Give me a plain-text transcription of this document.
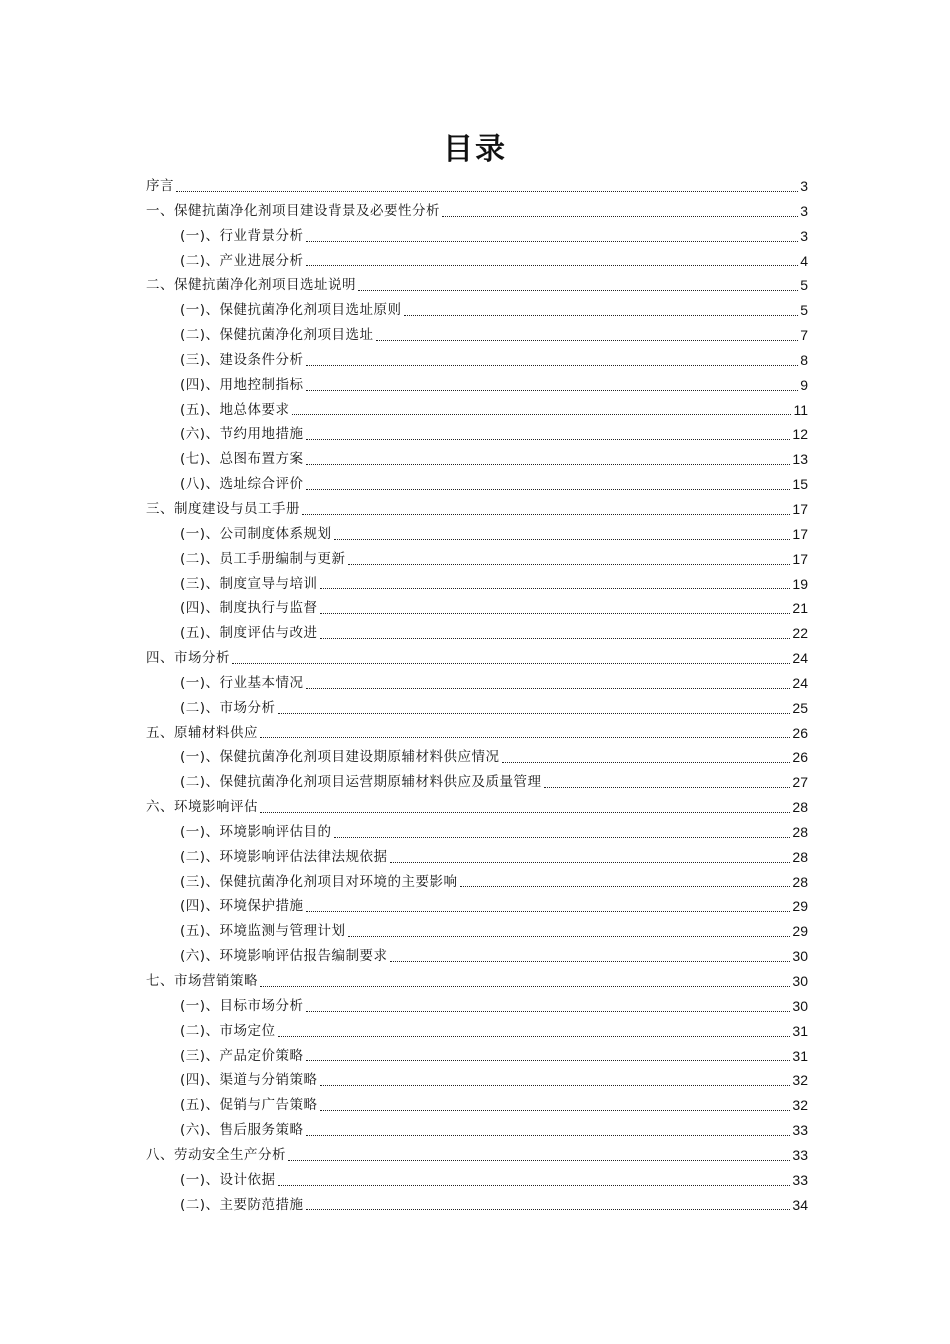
目录
序言	3
一、保健抗菌净化剂项目建设背景及必要性分析	3
(一)、行业背景分析	3
(二)、产业进展分析	4
二、保健抗菌净化剂项目选址说明	5
(一)、保健抗菌净化剂项目选址原则	5
(二)、保健抗菌净化剂项目选址	7
(三)、建设条件分析	8
(四)、用地控制指标	9
(五)、地总体要求	11
(六)、节约用地措施	12
(七)、总图布置方案	13
(八)、选址综合评价	15
三、制度建设与员工手册	17
(一)、公司制度体系规划	17
(二)、员工手册编制与更新	17
(三)、制度宣导与培训	19
(四)、制度执行与监督	21
(五)、制度评估与改进	22
四、市场分析	24
(一)、行业基本情况	24
(二)、市场分析	25
五、原辅材料供应	26
(一)、保健抗菌净化剂项目建设期原辅材料供应情况	26
(二)、保健抗菌净化剂项目运营期原辅材料供应及质量管理	27
六、环境影响评估	28
(一)、环境影响评估目的	28
(二)、环境影响评估法律法规依据	28
(三)、保健抗菌净化剂项目对环境的主要影响	28
(四)、环境保护措施	29
(五)、环境监测与管理计划	29
(六)、环境影响评估报告编制要求	30
七、市场营销策略	30
(一)、目标市场分析	30
(二)、市场定位	31
(三)、产品定价策略	31
(四)、渠道与分销策略	32
(五)、促销与广告策略	32
(六)、售后服务策略	33
八、劳动安全生产分析	33
(一)、设计依据	33
(二)、主要防范措施	34
